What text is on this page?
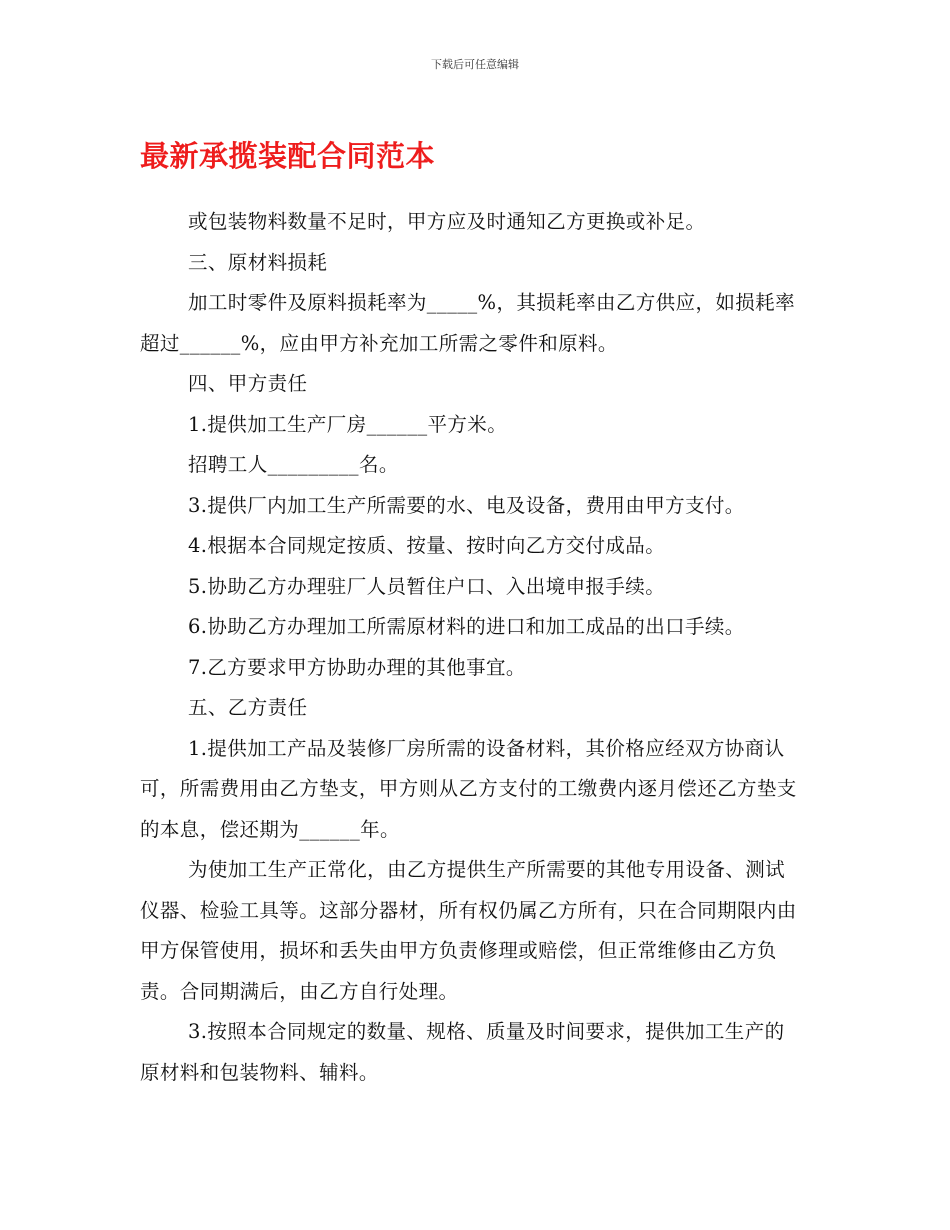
下载后可任意编辑
最新承揽装配合同范本

或包装物料数量不足时，甲方应及时通知乙方更换或补足。

三、原材料损耗

加工时零件及原料损耗率为_____%，其损耗率由乙方供应，如损耗率超过______%，应由甲方补充加工所需之零件和原料。

四、甲方责任

1.提供加工生产厂房______平方米。

招聘工人_________名。

3.提供厂内加工生产所需要的水、电及设备，费用由甲方支付。

4.根据本合同规定按质、按量、按时向乙方交付成品。

5.协助乙方办理驻厂人员暂住户口、入出境申报手续。

6.协助乙方办理加工所需原材料的进口和加工成品的出口手续。

7.乙方要求甲方协助办理的其他事宜。

五、乙方责任

1.提供加工产品及装修厂房所需的设备材料，其价格应经双方协商认可，所需费用由乙方垫支，甲方则从乙方支付的工缴费内逐月偿还乙方垫支的本息，偿还期为______年。

为使加工生产正常化，由乙方提供生产所需要的其他专用设备、测试仪器、检验工具等。这部分器材，所有权仍属乙方所有，只在合同期限内由甲方保管使用，损坏和丢失由甲方负责修理或赔偿，但正常维修由乙方负责。合同期满后，由乙方自行处理。

3.按照本合同规定的数量、规格、质量及时间要求，提供加工生产的原材料和包装物料、辅料。
